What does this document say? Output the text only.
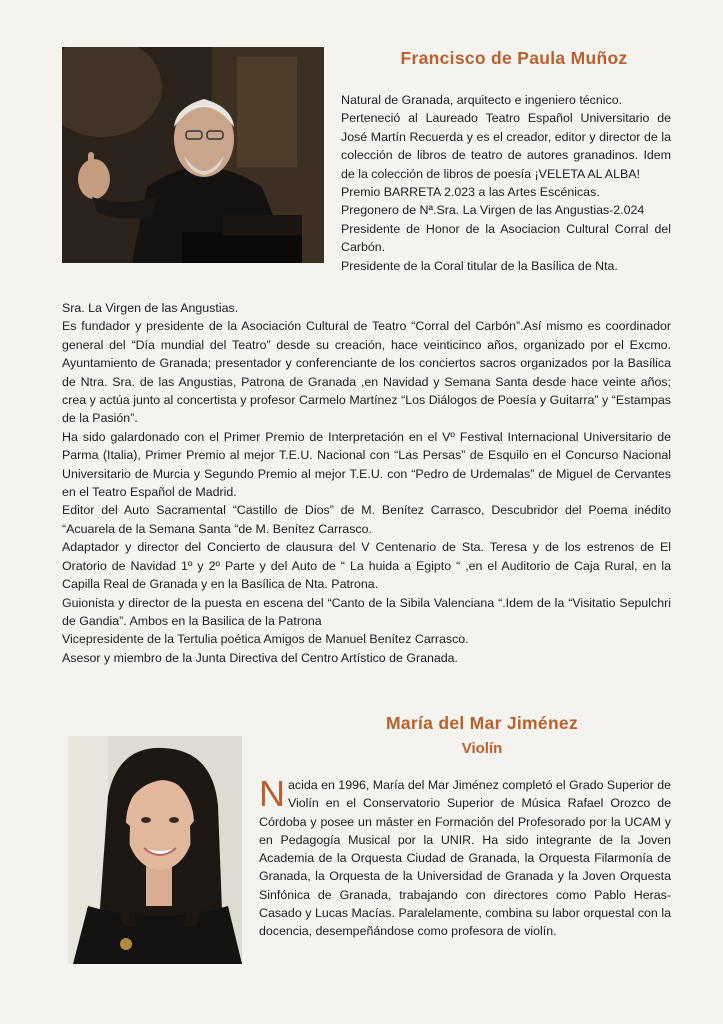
Francisco de Paula Muñoz

Natural de Granada, arquitecto e ingeniero técnico.

Perteneció al Laureado Teatro Español Universitario de José Martín Recuerda y es el creador, editor y director de la colección de libros de teatro de autores granadinos. Idem de la colección de libros de poesía ¡VELETA AL ALBA!

Premio BARRETA 2.023 a las Artes Escénicas.

Pregonero de Nª.Sra. La Virgen de las Angustias-2.024

Presidente de Honor de la Asociacion Cultural Corral del Carbón.

Presidente de la Coral titular de la Basílica de Nta.

Sra. La Virgen de las Angustias.

Es fundador y presidente de la Asociación Cultural de Teatro “Corral del Carbón”.Así mismo es coordinador general del “Día mundial del Teatro” desde su creación, hace veinticinco años, organizado por el Excmo. Ayuntamiento de Granada; presentador y conferenciante de los conciertos sacros organizados por la Basílica de Ntra. Sra. de las Angustias, Patrona de Granada ,en Navidad y Semana Santa desde hace veinte años; crea y actúa junto al concertista y profesor Carmelo Martínez “Los Diálogos de Poesía y Guitarra” y “Estampas de la Pasión”.

Ha sido galardonado con el Primer Premio de Interpretación en el Vº Festival Internacional Universitario de Parma (Italia), Primer Premio al mejor T.E.U. Nacional con “Las Persas” de Esquilo en el Concurso Nacional Universitario de Murcia y Segundo Premio al mejor T.E.U. con “Pedro de Urdemalas” de Miguel de Cervantes en el Teatro Español de Madrid.

Editor del Auto Sacramental “Castillo de Dios” de M. Benítez Carrasco, Descubridor del Poema inédito “Acuarela de la Semana Santa “de M. Benítez Carrasco.

Adaptador y director del Concierto de clausura del V Centenario de Sta. Teresa y de los estrenos de El Oratorio de Navidad 1º y 2º Parte y del Auto de “ La huida a Egipto “ ,en el Auditorio de Caja Rural, en la Capilla Real de Granada y en la Basílica de Nta. Patrona.

Guionista y director de la puesta en escena del “Canto de la Sibila Valenciana “.Idem de la “Visitatio Sepulchri de Gandia”. Ambos en la Basilica de la Patrona

Vicepresidente de la Tertulia poética Amigos de Manuel Benítez Carrasco.

Asesor y miembro de la Junta Directiva del Centro Artístico de Granada.

María del Mar Jiménez
Violín

Nacida en 1996, María del Mar Jiménez completó el Grado Superior de Violín en el Conservatorio Superior de Música Rafael Orozco de Córdoba y posee un máster en Formación del Profesorado por la UCAM y en Pedagogía Musical por la UNIR. Ha sido integrante de la Joven Academia de la Orquesta Ciudad de Granada, la Orquesta Filarmonía de Granada, la Orquesta de la Universidad de Granada y la Joven Orquesta Sinfónica de Granada, trabajando con directores como Pablo Heras-Casado y Lucas Macías. Paralelamente, combina su labor orquestal con la docencia, desempeñándose como profesora de violín.
